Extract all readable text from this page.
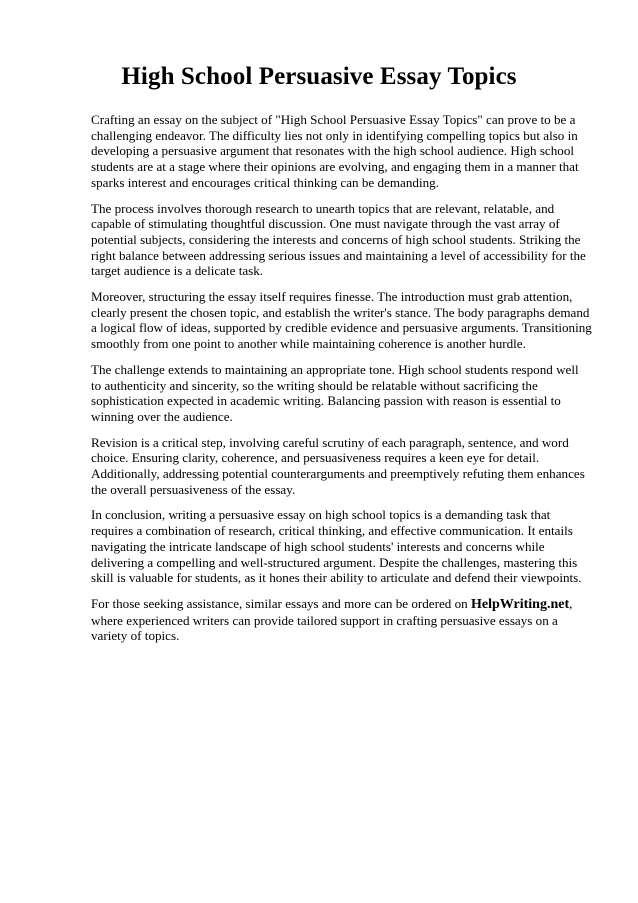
High School Persuasive Essay Topics

Crafting an essay on the subject of "High School Persuasive Essay Topics" can prove to be a challenging endeavor. The difficulty lies not only in identifying compelling topics but also in developing a persuasive argument that resonates with the high school audience. High school students are at a stage where their opinions are evolving, and engaging them in a manner that sparks interest and encourages critical thinking can be demanding.

The process involves thorough research to unearth topics that are relevant, relatable, and capable of stimulating thoughtful discussion. One must navigate through the vast array of potential subjects, considering the interests and concerns of high school students. Striking the right balance between addressing serious issues and maintaining a level of accessibility for the target audience is a delicate task.

Moreover, structuring the essay itself requires finesse. The introduction must grab attention, clearly present the chosen topic, and establish the writer's stance. The body paragraphs demand a logical flow of ideas, supported by credible evidence and persuasive arguments. Transitioning smoothly from one point to another while maintaining coherence is another hurdle.

The challenge extends to maintaining an appropriate tone. High school students respond well to authenticity and sincerity, so the writing should be relatable without sacrificing the sophistication expected in academic writing. Balancing passion with reason is essential to winning over the audience.

Revision is a critical step, involving careful scrutiny of each paragraph, sentence, and word choice. Ensuring clarity, coherence, and persuasiveness requires a keen eye for detail. Additionally, addressing potential counterarguments and preemptively refuting them enhances the overall persuasiveness of the essay.

In conclusion, writing a persuasive essay on high school topics is a demanding task that requires a combination of research, critical thinking, and effective communication. It entails navigating the intricate landscape of high school students' interests and concerns while delivering a compelling and well-structured argument. Despite the challenges, mastering this skill is valuable for students, as it hones their ability to articulate and defend their viewpoints.

For those seeking assistance, similar essays and more can be ordered on HelpWriting.net, where experienced writers can provide tailored support in crafting persuasive essays on a variety of topics.
